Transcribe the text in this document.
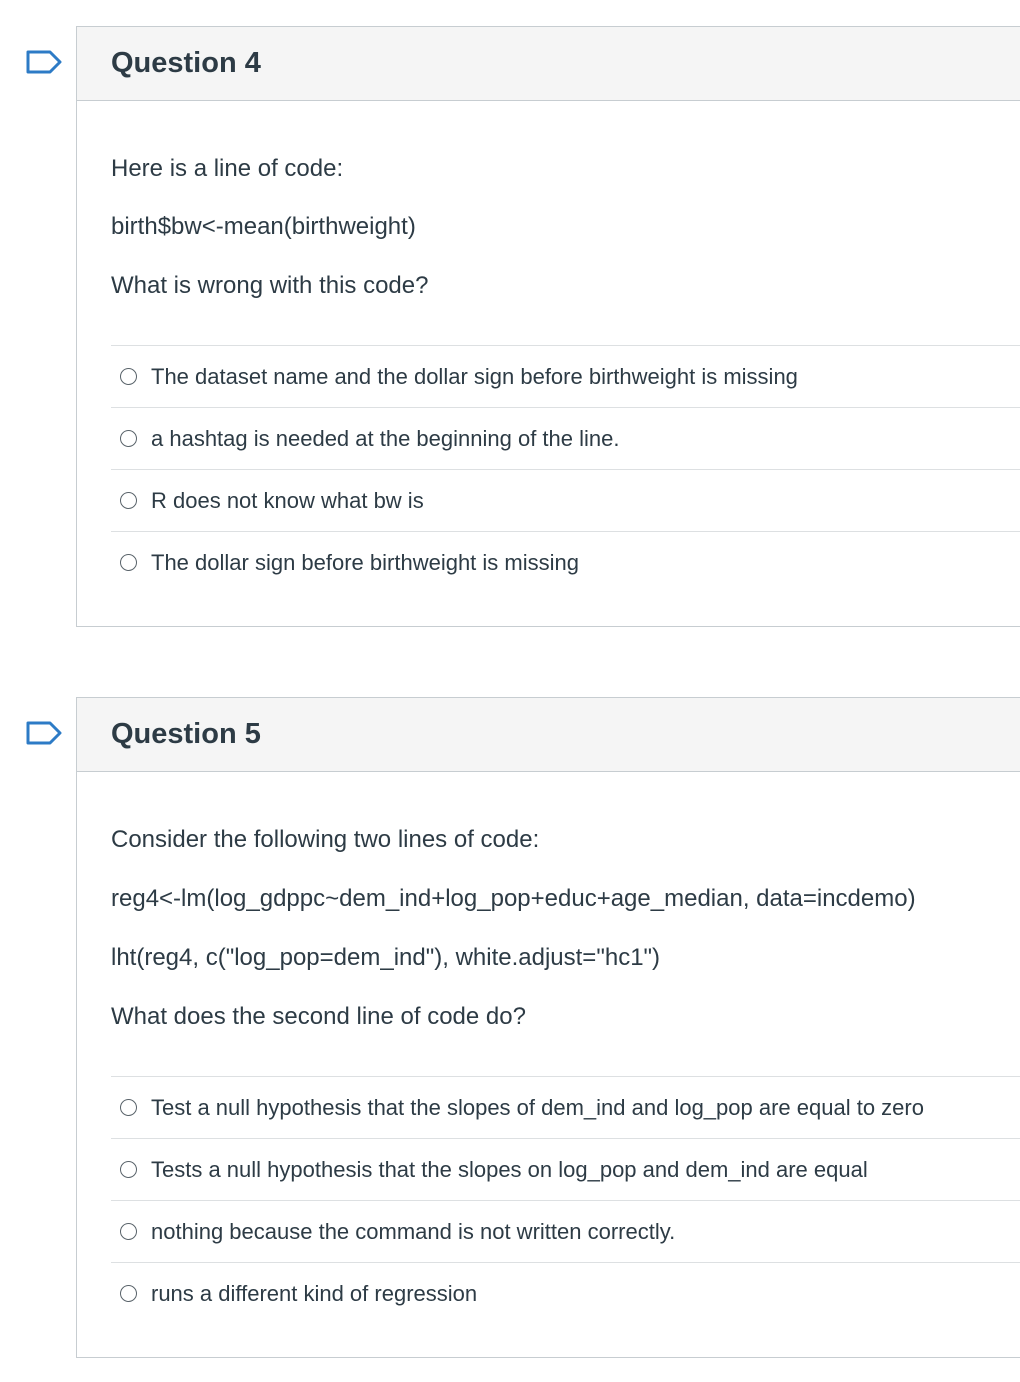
Question 4
Here is a line of code:
birth$bw<-mean(birthweight)
What is wrong with this code?
The dataset name and the dollar sign before birthweight is missing
a hashtag is needed at the beginning of the line.
R does not know what bw is
The dollar sign before birthweight is missing
Question 5
Consider the following two lines of code:
reg4<-lm(log_gdppc~dem_ind+log_pop+educ+age_median, data=incdemo)
lht(reg4, c("log_pop=dem_ind"), white.adjust="hc1")
What does the second line of code do?
Test a null hypothesis that the slopes of dem_ind and log_pop are equal to zero
Tests a null hypothesis that the slopes on log_pop and dem_ind are equal
nothing because the command is not written correctly.
runs a different kind of regression
